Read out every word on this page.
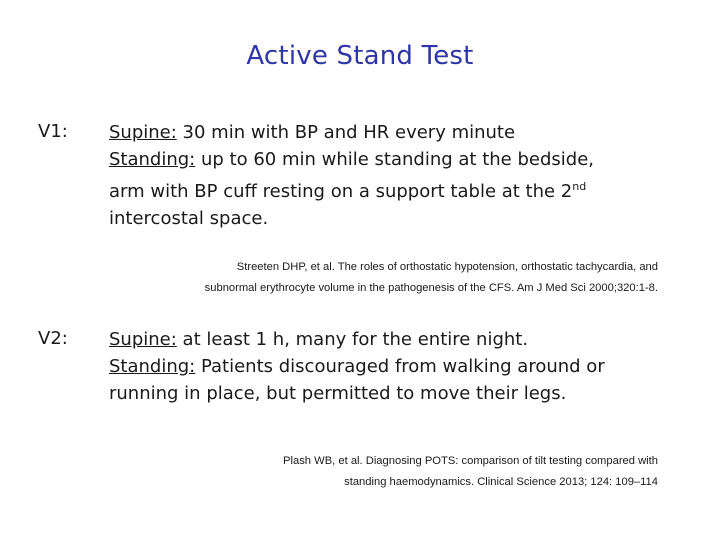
Active Stand Test
V1: Supine: 30 min with BP and HR every minute
Standing: up to 60 min while standing at the bedside,
arm with BP cuff resting on a support table at the 2nd
intercostal space.
Streeten DHP, et al. The roles of orthostatic hypotension, orthostatic tachycardia, and
subnormal erythrocyte volume in the pathogenesis of the CFS. Am J Med Sci 2000;320:1-8.
V2: Supine: at least 1 h, many for the entire night.
Standing: Patients discouraged from walking around or
running in place, but permitted to move their legs.
Plash WB, et al. Diagnosing POTS: comparison of tilt testing compared with
standing haemodynamics. Clinical Science 2013; 124: 109–114
